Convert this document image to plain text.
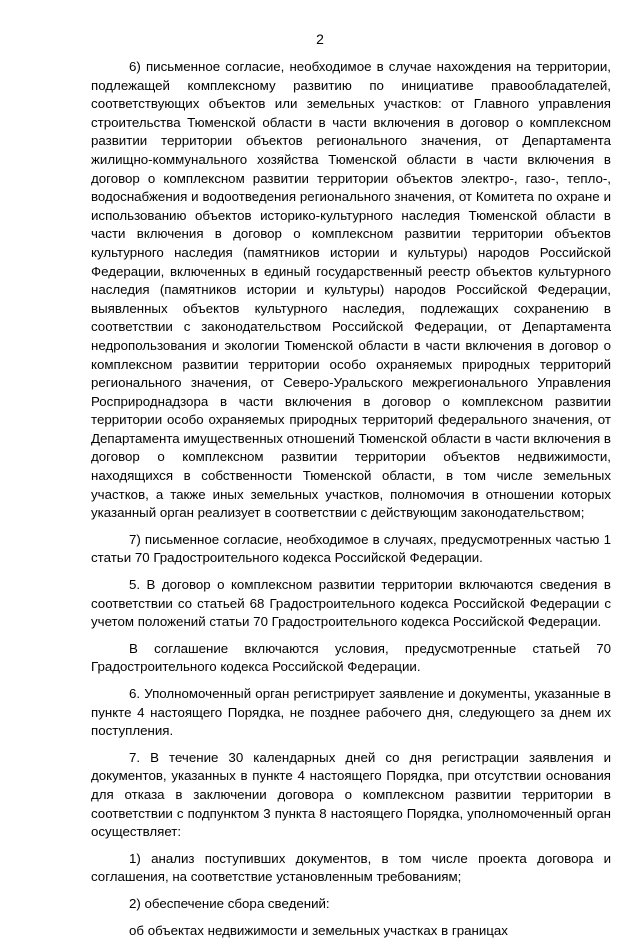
2

6) письменное согласие, необходимое в случае нахождения на территории, подлежащей комплексному развитию по инициативе правообладателей, соответствующих объектов или земельных участков: от Главного управления строительства Тюменской области в части включения в договор о комплексном развитии территории объектов регионального значения, от Департамента жилищно-коммунального хозяйства Тюменской области в части включения в договор о комплексном развитии территории объектов электро-, газо-, тепло-, водоснабжения и водоотведения регионального значения, от Комитета по охране и использованию объектов историко-культурного наследия Тюменской области в части включения в договор о комплексном развитии территории объектов культурного наследия (памятников истории и культуры) народов Российской Федерации, включенных в единый государственный реестр объектов культурного наследия (памятников истории и культуры) народов Российской Федерации, выявленных объектов культурного наследия, подлежащих сохранению в соответствии с законодательством Российской Федерации, от Департамента недропользования и экологии Тюменской области в части включения в договор о комплексном развитии территории особо охраняемых природных территорий регионального значения, от Северо-Уральского межрегионального Управления Росприроднадзора в части включения в договор о комплексном развитии территории особо охраняемых природных территорий федерального значения, от Департамента имущественных отношений Тюменской области в части включения в договор о комплексном развитии территории объектов недвижимости, находящихся в собственности Тюменской области, в том числе земельных участков, а также иных земельных участков, полномочия в отношении которых указанный орган реализует в соответствии с действующим законодательством;

7) письменное согласие, необходимое в случаях, предусмотренных частью 1 статьи 70 Градостроительного кодекса Российской Федерации.

5. В договор о комплексном развитии территории включаются сведения в соответствии со статьей 68 Градостроительного кодекса Российской Федерации с учетом положений статьи 70 Градостроительного кодекса Российской Федерации.

В соглашение включаются условия, предусмотренные статьей 70 Градостроительного кодекса Российской Федерации.

6. Уполномоченный орган регистрирует заявление и документы, указанные в пункте 4 настоящего Порядка, не позднее рабочего дня, следующего за днем их поступления.

7. В течение 30 календарных дней со дня регистрации заявления и документов, указанных в пункте 4 настоящего Порядка, при отсутствии основания для отказа в заключении договора о комплексном развитии территории в соответствии с подпунктом 3 пункта 8 настоящего Порядка, уполномоченный орган осуществляет:

1) анализ поступивших документов, в том числе проекта договора и соглашения, на соответствие установленным требованиям;

2) обеспечение сбора сведений:

об объектах недвижимости и земельных участках в границах
